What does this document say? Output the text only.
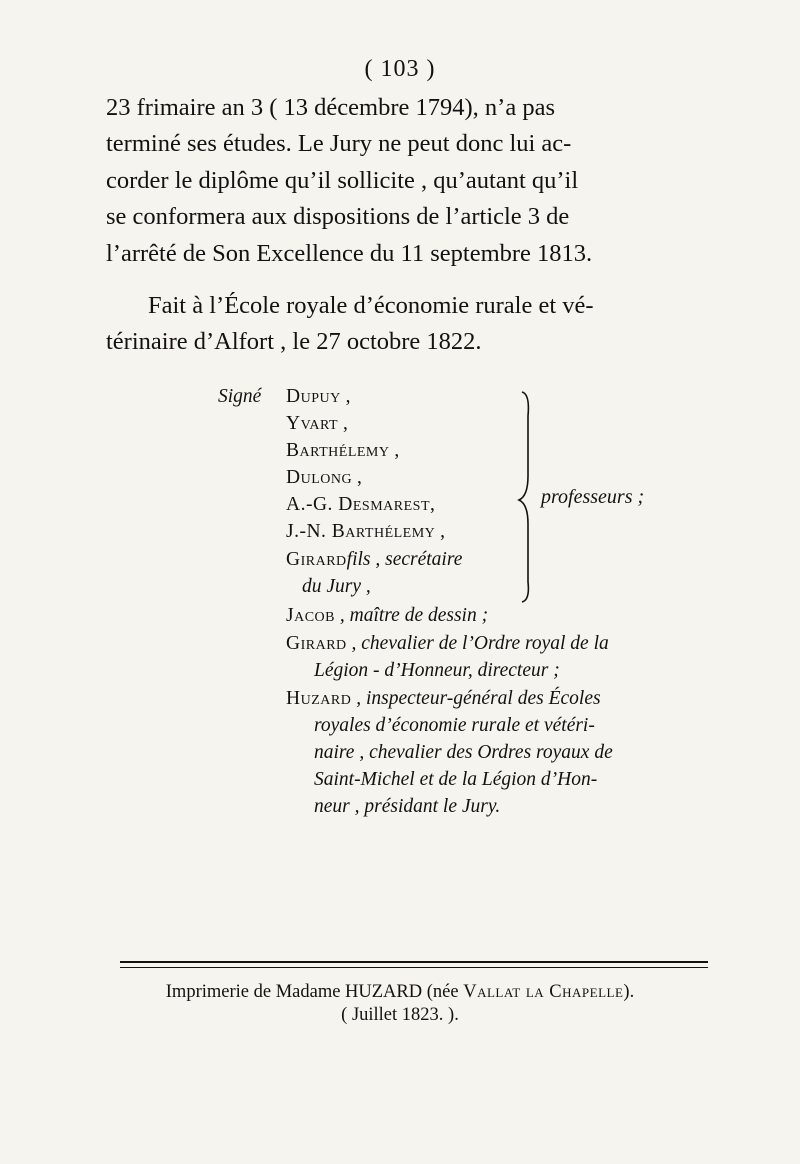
( 103 )
23 frimaire an 3 ( 13 décembre 1794), n’a pas
terminé ses études. Le Jury ne peut donc lui ac-
corder le diplôme qu’il sollicite , qu’autant qu’il
se conformera aux dispositions de l’article 3 de
l’arrêté de Son Excellence du 11 septembre 1813.
Fait à l’École royale d’économie rurale et vé-
térinaire d’Alfort , le 27 octobre 1822.
Signé Dupuy ,
Yvart ,
Barthélemy ,
Dulong ,
A.-G. Desmarest,
J.-N. Barthélemy ,
Girardfils , secrétaire
du Jury ,
professeurs ;
Jacob , maître de dessin ;
Girard , chevalier de l’Ordre royal de la
Légion - d’Honneur, directeur ;
Huzard , inspecteur-général des Écoles
royales d’économie rurale et vétéri-
naire , chevalier des Ordres royaux de
Saint-Michel et de la Légion d’Hon-
neur , présidant le Jury.
Imprimerie de Madame HUZARD (née Vallat la Chapelle).
( Juillet 1823. ).
